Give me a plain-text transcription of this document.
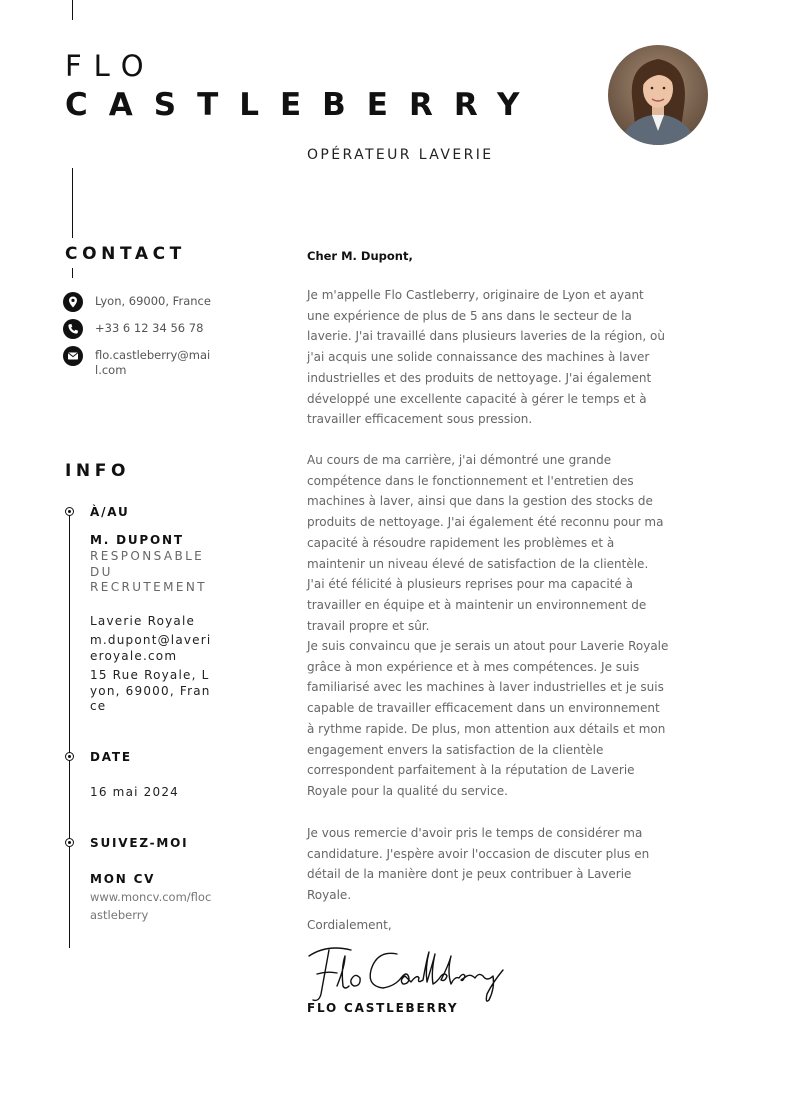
FLO
CASTLEBERRY
OPÉRATEUR LAVERIE
CONTACT
Lyon, 69000, France
+33 6 12 34 56 78
flo.castleberry@mail.com
INFO
À/AU
M. DUPONT
RESPONSABLE DU RECRUTEMENT
Laverie Royale
m.dupont@laverieroyale.com
15 Rue Royale, Lyon, 69000, France
DATE
16 mai 2024
SUIVEZ-MOI
MON CV
www.moncv.com/flocastleberry
Cher M. Dupont,

Je m'appelle Flo Castleberry, originaire de Lyon et ayant une expérience de plus de 5 ans dans le secteur de la laverie. J'ai travaillé dans plusieurs laveries de la région, où j'ai acquis une solide connaissance des machines à laver industrielles et des produits de nettoyage. J'ai également développé une excellente capacité à gérer le temps et à travailler efficacement sous pression.

Au cours de ma carrière, j'ai démontré une grande compétence dans le fonctionnement et l'entretien des machines à laver, ainsi que dans la gestion des stocks de produits de nettoyage. J'ai également été reconnu pour ma capacité à résoudre rapidement les problèmes et à maintenir un niveau élevé de satisfaction de la clientèle. J'ai été félicité à plusieurs reprises pour ma capacité à travailler en équipe et à maintenir un environnement de travail propre et sûr.

Je suis convaincu que je serais un atout pour Laverie Royale grâce à mon expérience et à mes compétences. Je suis familiarisé avec les machines à laver industrielles et je suis capable de travailler efficacement dans un environnement à rythme rapide. De plus, mon attention aux détails et mon engagement envers la satisfaction de la clientèle correspondent parfaitement à la réputation de Laverie Royale pour la qualité du service.

Je vous remercie d'avoir pris le temps de considérer ma candidature. J'espère avoir l'occasion de discuter plus en détail de la manière dont je peux contribuer à Laverie Royale.

Cordialement,
FLO CASTLEBERRY
